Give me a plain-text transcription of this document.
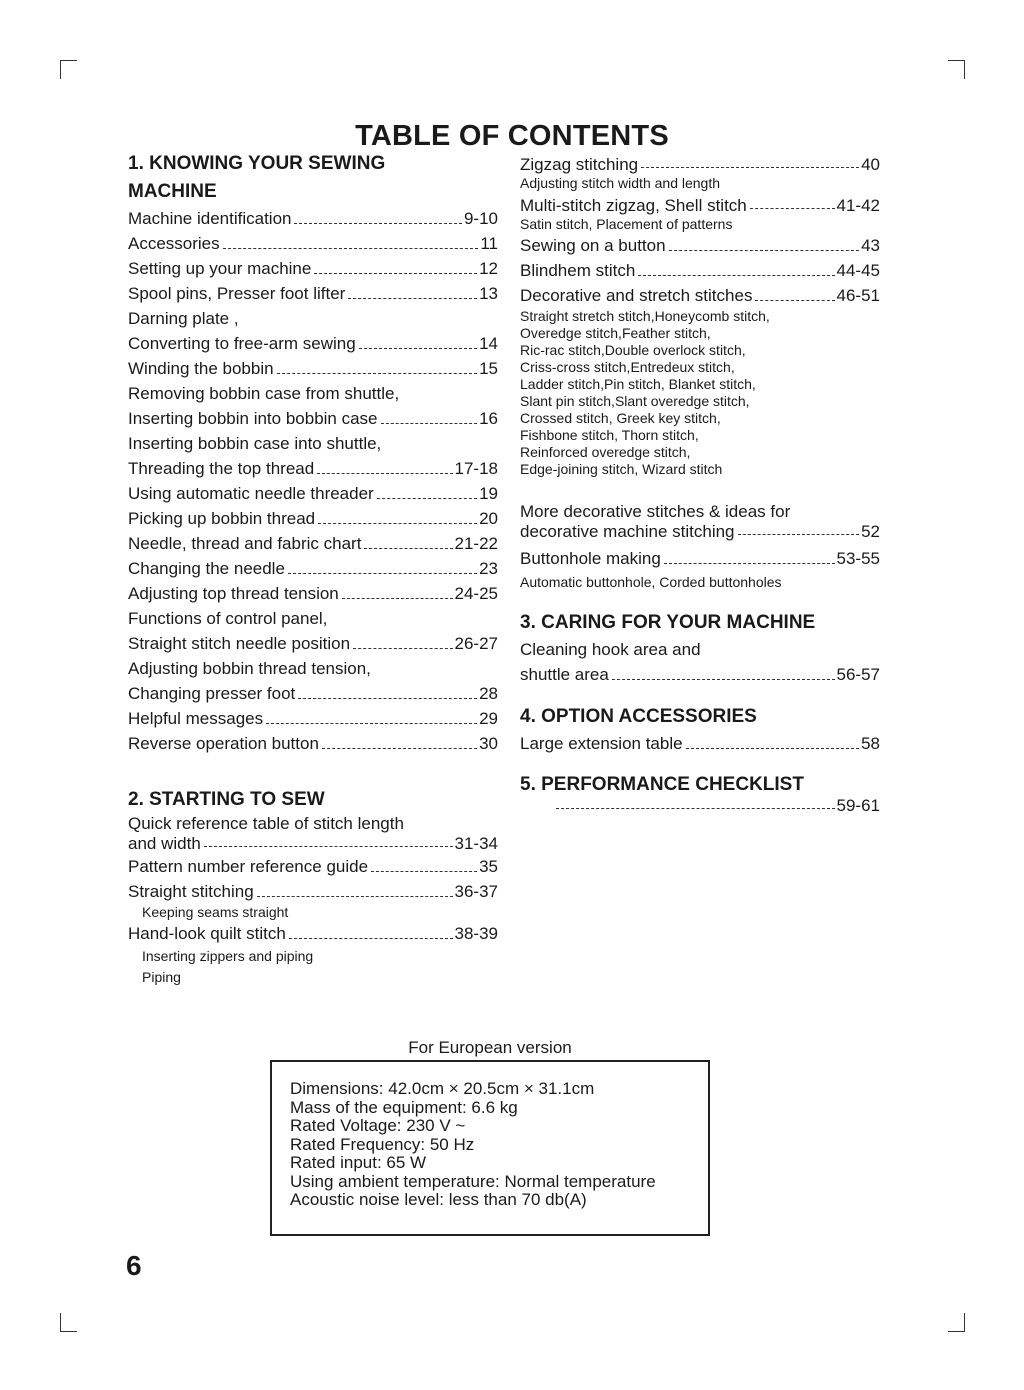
TABLE OF CONTENTS
1. KNOWING YOUR SEWING
MACHINE
Machine identification	9-10
Accessories	11
Setting up your machine	12
Spool pins, Presser foot lifter	13
Darning plate ,
Converting to free-arm sewing	14
Winding the bobbin	15
Removing bobbin case from shuttle,
Inserting bobbin into bobbin case	16
Inserting bobbin case into shuttle,
Threading the top thread	17-18
Using automatic needle threader	19
Picking up bobbin thread	20
Needle, thread and fabric chart	21-22
Changing the needle	23
Adjusting top thread tension	24-25
Functions of control panel,
Straight stitch needle position	26-27
Adjusting bobbin thread tension,
Changing presser foot	28
Helpful messages	29
Reverse operation button	30
2. STARTING TO SEW
Quick reference table of stitch length
and width	31-34
Pattern number reference guide	35
Straight stitching	36-37
Keeping seams straight
Hand-look quilt stitch	38-39
Inserting zippers and piping
Piping
Zigzag stitching	40
Adjusting stitch width and length
Multi-stitch zigzag, Shell stitch	41-42
Satin stitch, Placement of patterns
Sewing on a button	43
Blindhem stitch	44-45
Decorative and stretch stitches	46-51
Straight stretch stitch,Honeycomb stitch,
Overedge stitch,Feather stitch,
Ric-rac stitch,Double overlock stitch,
Criss-cross stitch,Entredeux stitch,
Ladder stitch,Pin stitch, Blanket stitch,
Slant pin stitch,Slant overedge stitch,
Crossed stitch, Greek key stitch,
Fishbone stitch, Thorn stitch,
Reinforced overedge stitch,
Edge-joining stitch, Wizard stitch
More decorative stitches & ideas for
decorative machine stitching	52
Buttonhole making	53-55
Automatic buttonhole, Corded buttonholes
3. CARING FOR YOUR MACHINE
Cleaning hook area and
shuttle area	56-57
4. OPTION ACCESSORIES
Large extension table	58
5. PERFORMANCE CHECKLIST
59-61
For European version
Dimensions: 42.0cm × 20.5cm × 31.1cm
Mass of the equipment: 6.6 kg
Rated Voltage: 230 V ~
Rated Frequency: 50 Hz
Rated input: 65 W
Using ambient temperature: Normal temperature
Acoustic noise level: less than 70 db(A)
6
